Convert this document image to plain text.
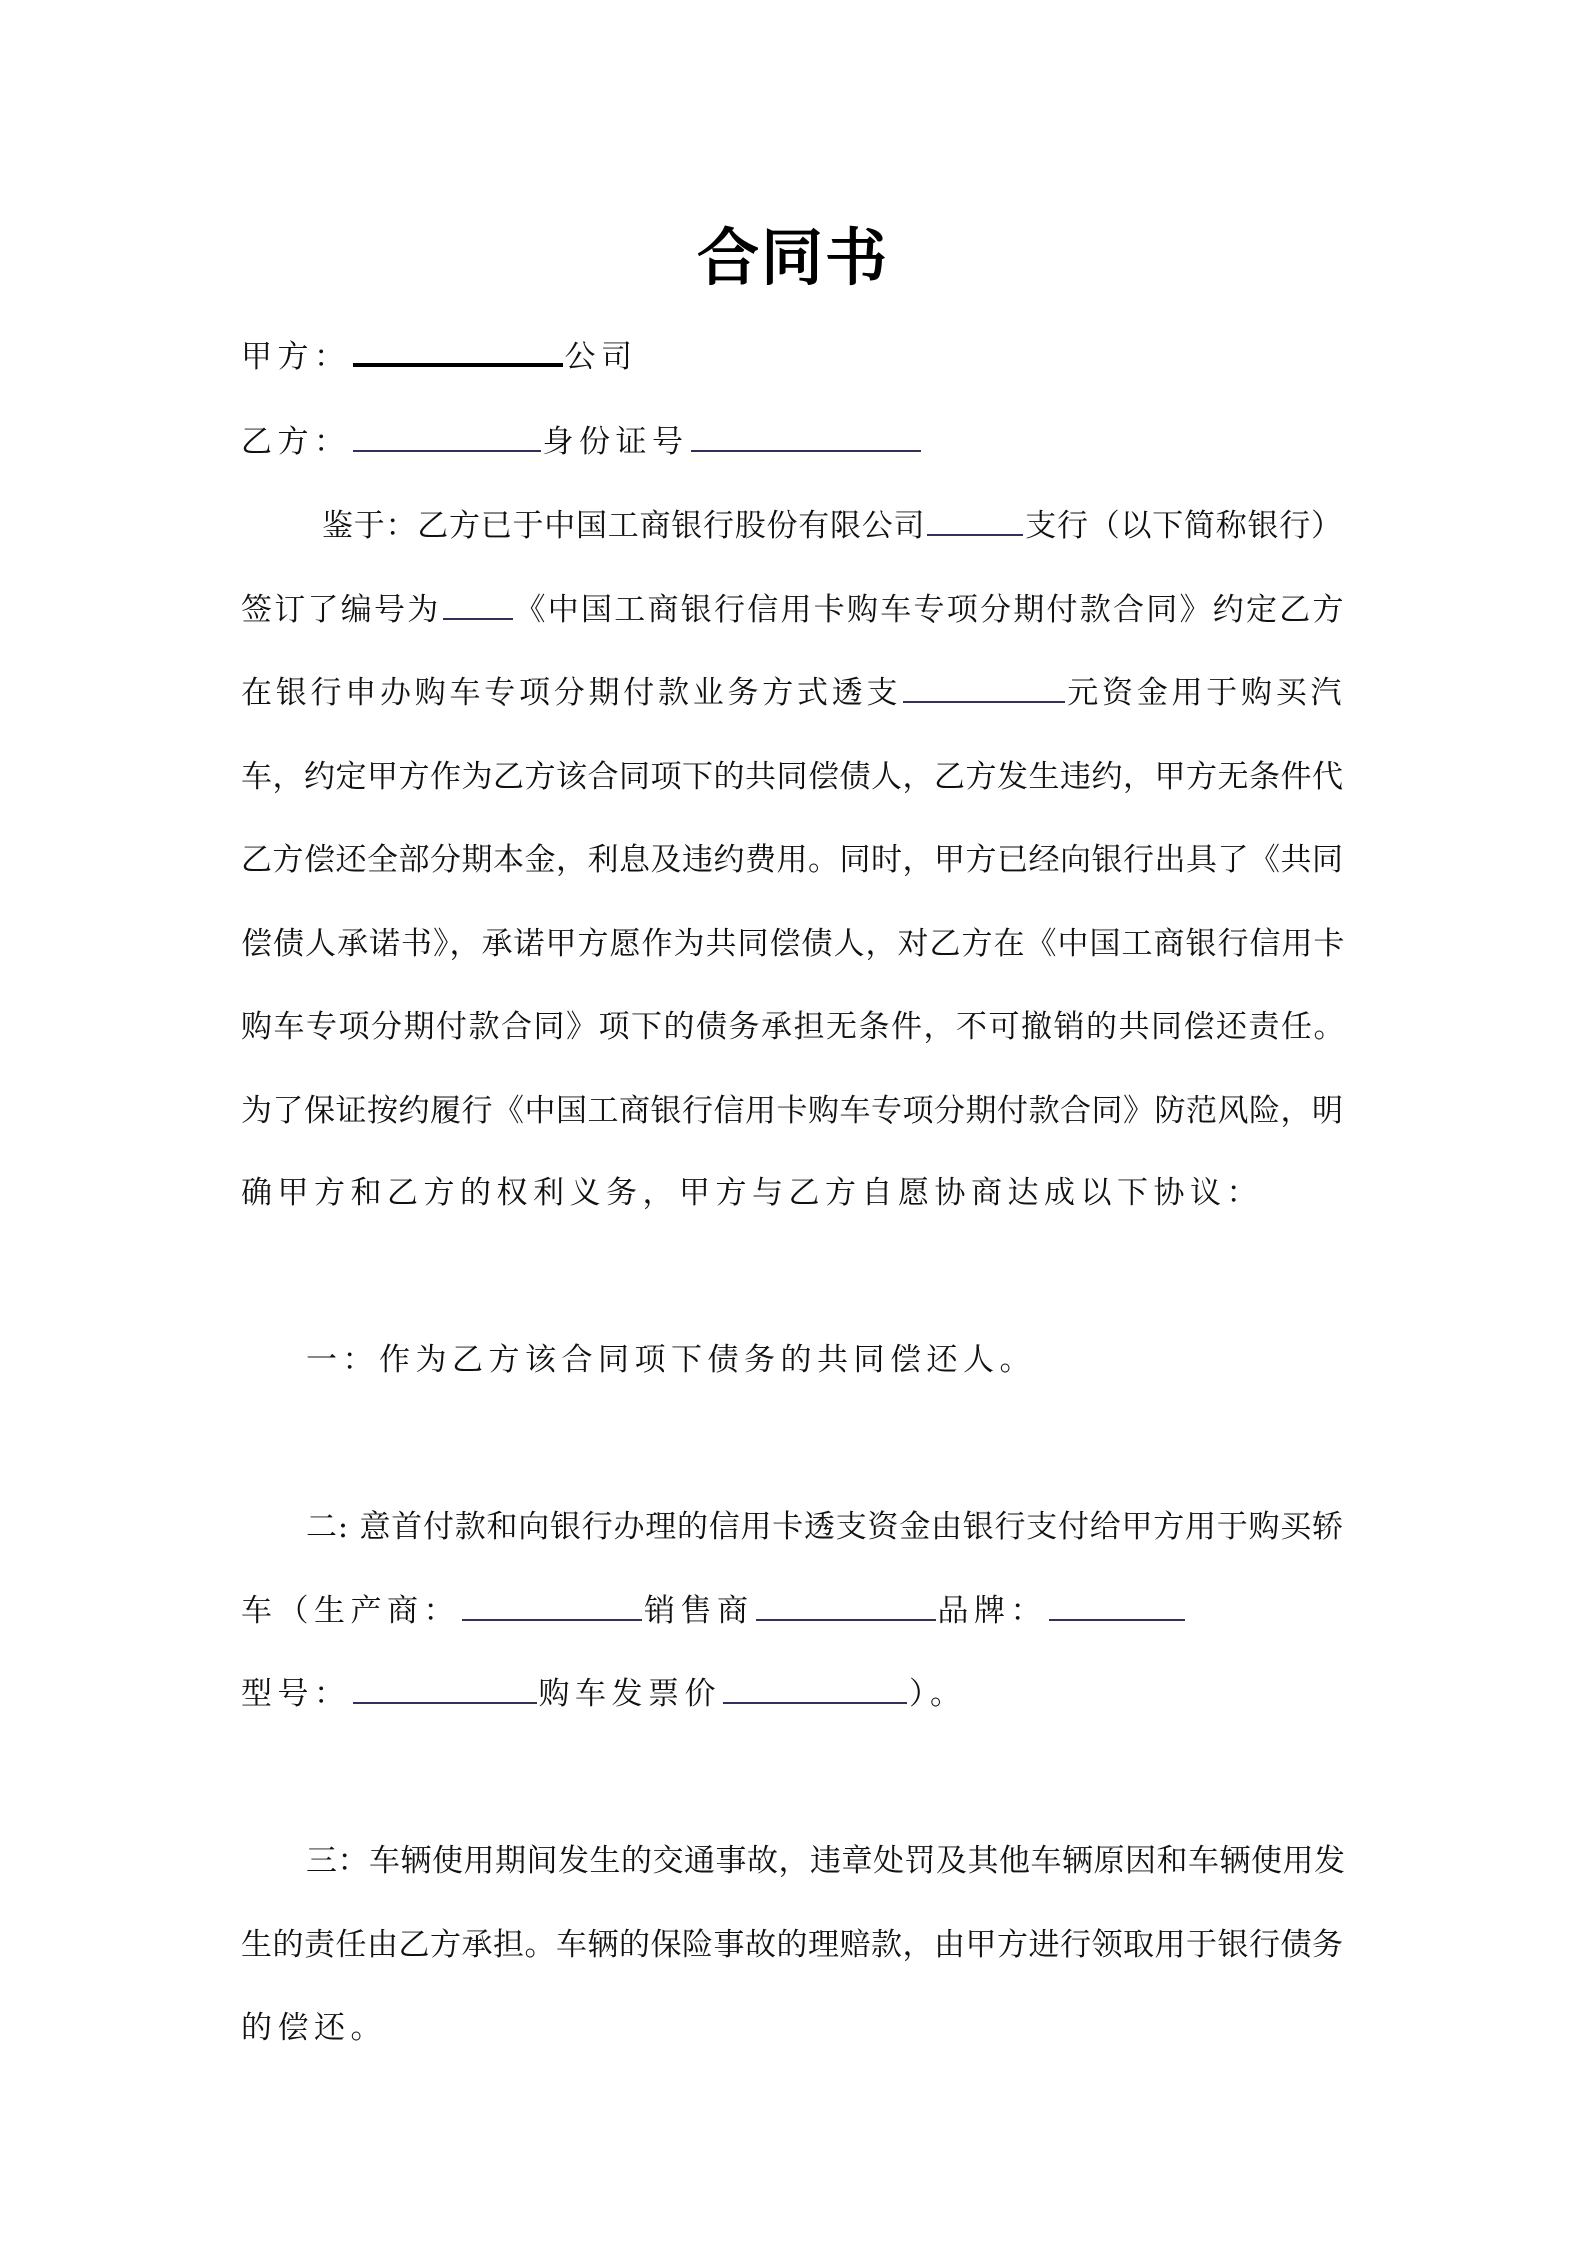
合同书
甲方：	公司
乙方：	身份证号
鉴于：乙方已于中国工商银行股份有限公司	支行（以下简称银行）
签订了编号为 《中国工商银行信用卡购车专项分期付款合同》约定乙方
在银行申办购车专项分期付款业务方式透支	元资金用于购买汽
车，约定甲方作为乙方该合同项下的共同偿债人，乙方发生违约，甲方无条件代
乙方偿还全部分期本金，利息及违约费用。同时，甲方已经向银行出具了《共同
偿债人承诺书》，承诺甲方愿作为共同偿债人，对乙方在《中国工商银行信用卡
购车专项分期付款合同》项下的债务承担无条件，不可撤销的共同偿还责任。
为了保证按约履行《中国工商银行信用卡购车专项分期付款合同》防范风险，明
确甲方和乙方的权利义务，甲方与乙方自愿协商达成以下协议：
一：作为乙方该合同项下债务的共同偿还人。
二: 意首付款和向银行办理的信用卡透支资金由银行支付给甲方用于购买轿
车（生产商：	销售商	品牌：
型号：	购车发票价	）。
三：车辆使用期间发生的交通事故，违章处罚及其他车辆原因和车辆使用发
生的责任由乙方承担。车辆的保险事故的理赔款，由甲方进行领取用于银行债务
的偿还。
